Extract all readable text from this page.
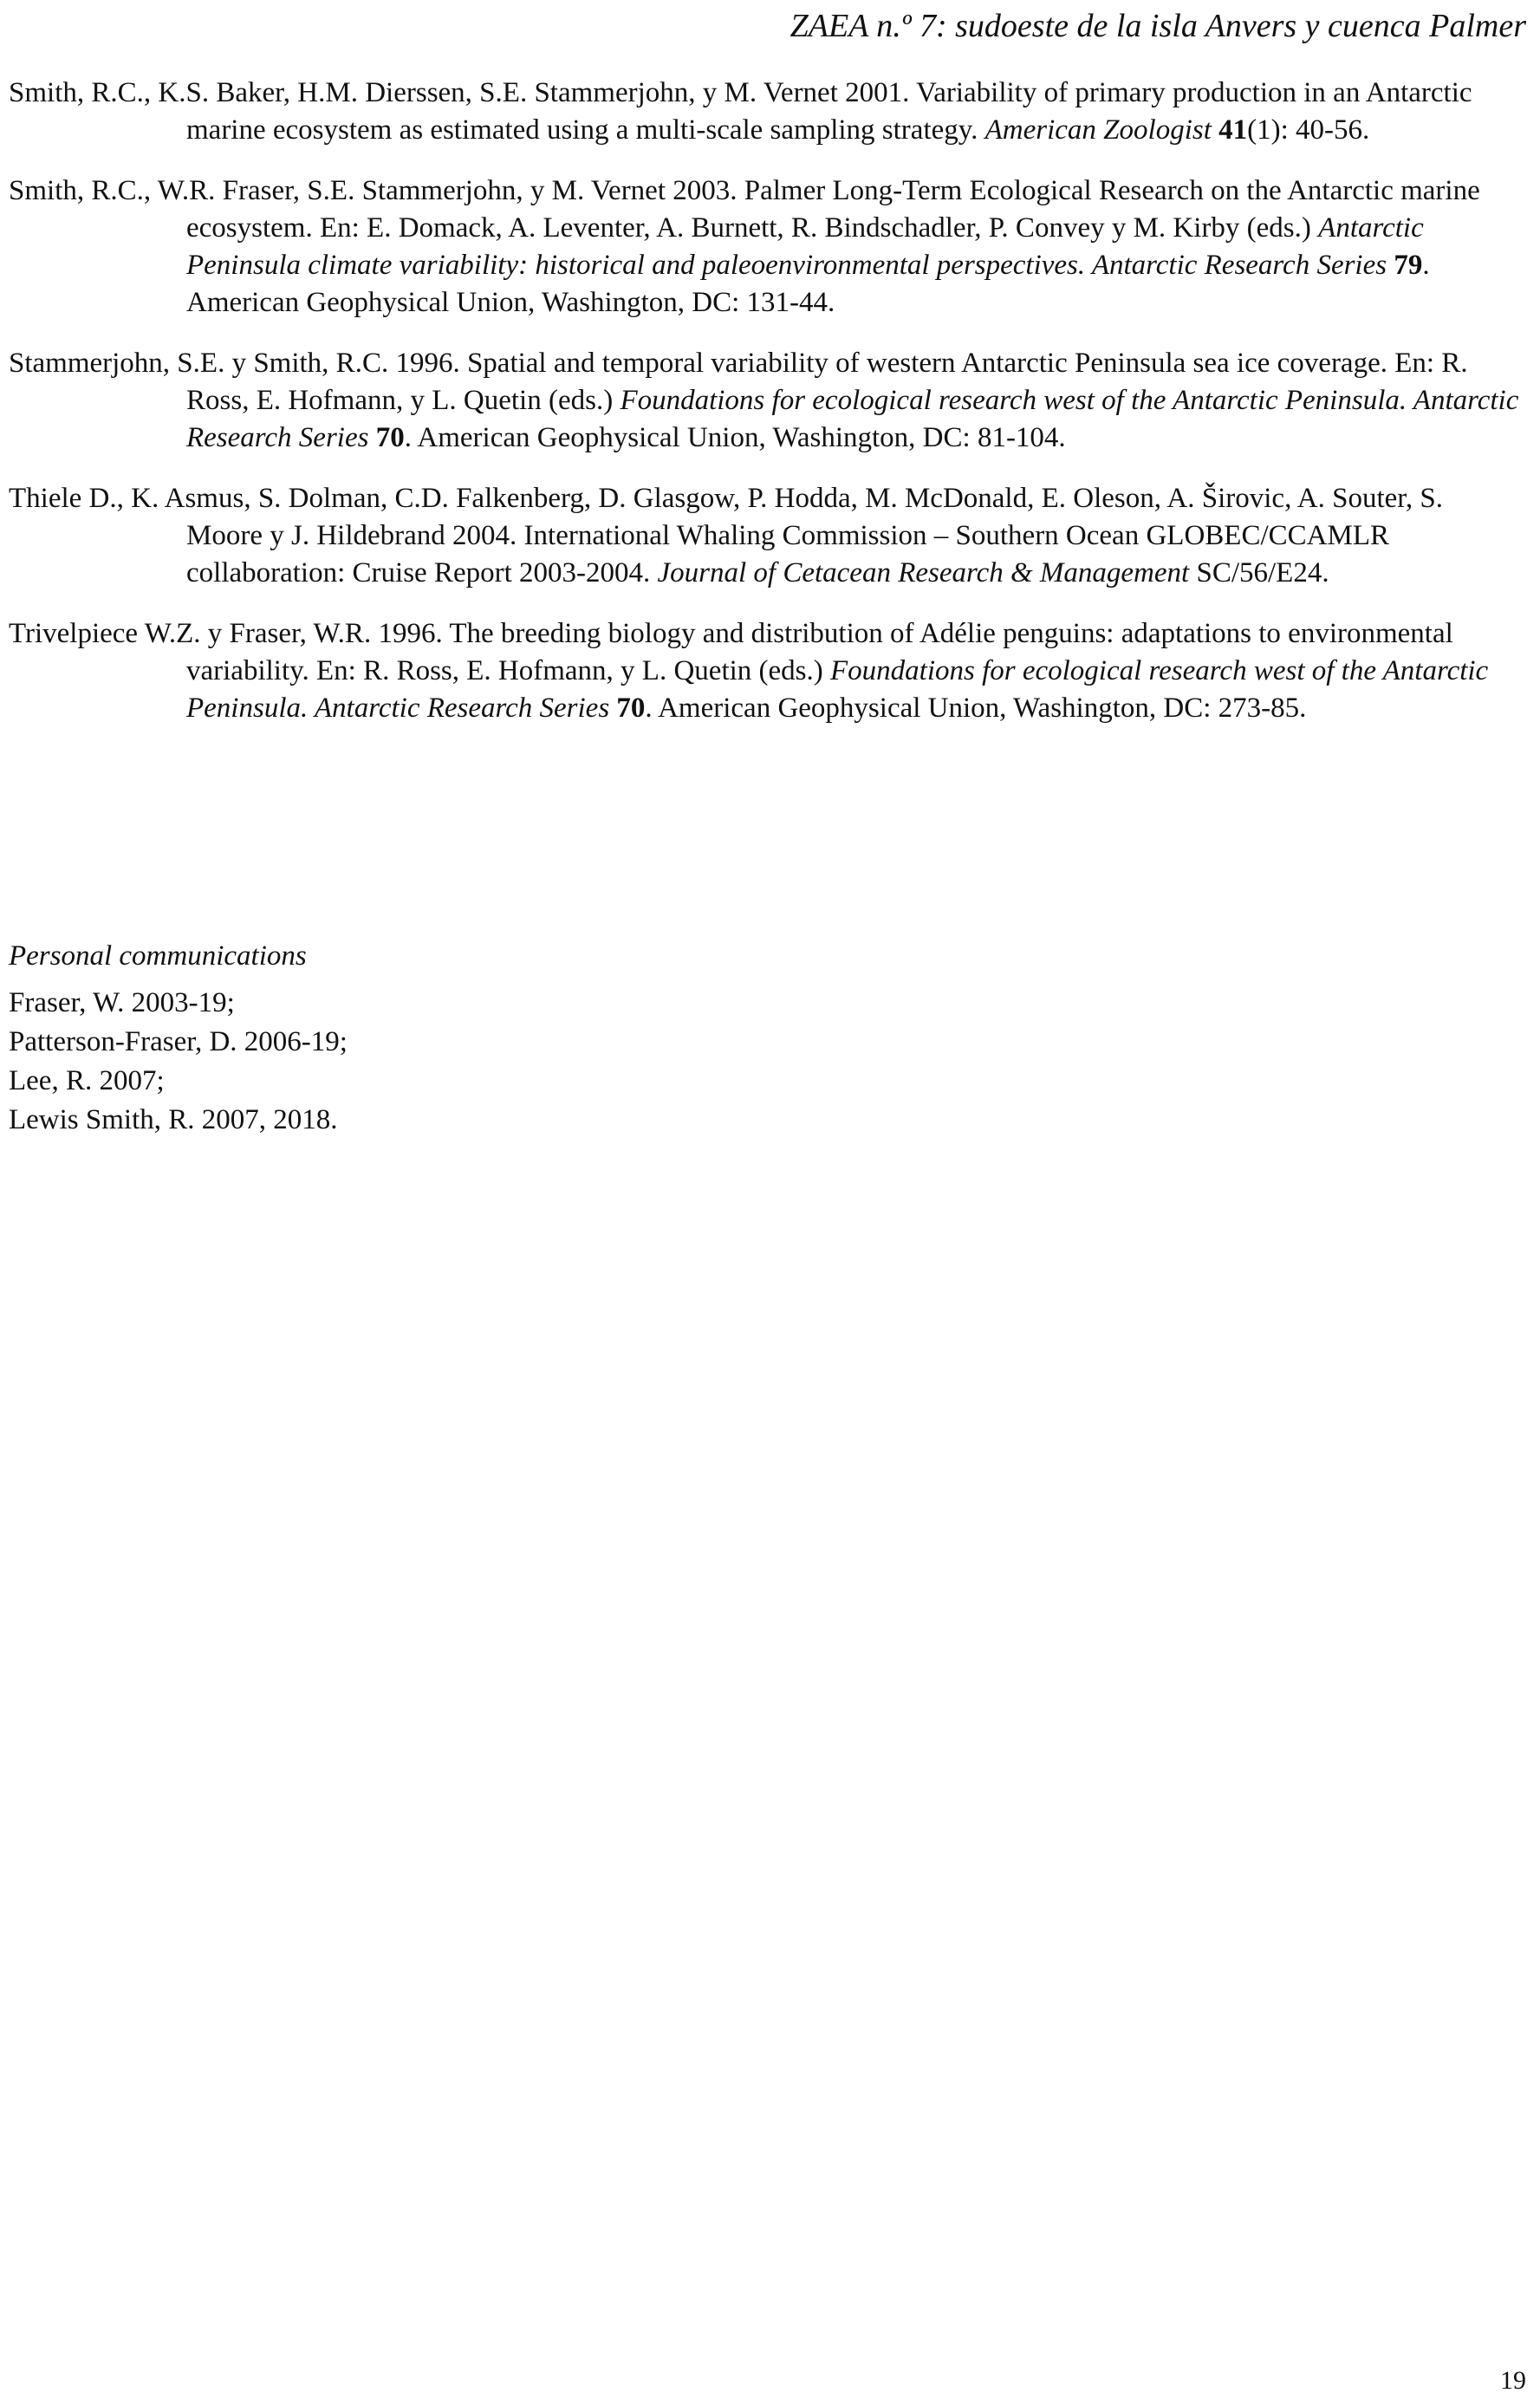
ZAEA n.º 7: sudoeste de la isla Anvers y cuenca Palmer

Smith, R.C., K.S. Baker, H.M. Dierssen, S.E. Stammerjohn, y M. Vernet 2001. Variability of primary production in an Antarctic marine ecosystem as estimated using a multi-scale sampling strategy. American Zoologist 41(1): 40-56.

Smith, R.C., W.R. Fraser, S.E. Stammerjohn, y M. Vernet 2003. Palmer Long-Term Ecological Research on the Antarctic marine ecosystem. En: E. Domack, A. Leventer, A. Burnett, R. Bindschadler, P. Convey y M. Kirby (eds.) Antarctic Peninsula climate variability: historical and paleoenvironmental perspectives. Antarctic Research Series 79. American Geophysical Union, Washington, DC: 131-44.

Stammerjohn, S.E. y Smith, R.C. 1996. Spatial and temporal variability of western Antarctic Peninsula sea ice coverage. En: R. Ross, E. Hofmann, y L. Quetin (eds.) Foundations for ecological research west of the Antarctic Peninsula. Antarctic Research Series 70. American Geophysical Union, Washington, DC: 81-104.

Thiele D., K. Asmus, S. Dolman, C.D. Falkenberg, D. Glasgow, P. Hodda, M. McDonald, E. Oleson, A. Širovic, A. Souter, S. Moore y J. Hildebrand 2004. International Whaling Commission – Southern Ocean GLOBEC/CCAMLR collaboration: Cruise Report 2003-2004. Journal of Cetacean Research & Management SC/56/E24.

Trivelpiece W.Z. y Fraser, W.R. 1996. The breeding biology and distribution of Adélie penguins: adaptations to environmental variability. En: R. Ross, E. Hofmann, y L. Quetin (eds.) Foundations for ecological research west of the Antarctic Peninsula. Antarctic Research Series 70. American Geophysical Union, Washington, DC: 273-85.

Personal communications

Fraser, W. 2003-19;

Patterson-Fraser, D. 2006-19;

Lee, R. 2007;

Lewis Smith, R. 2007, 2018.

19
